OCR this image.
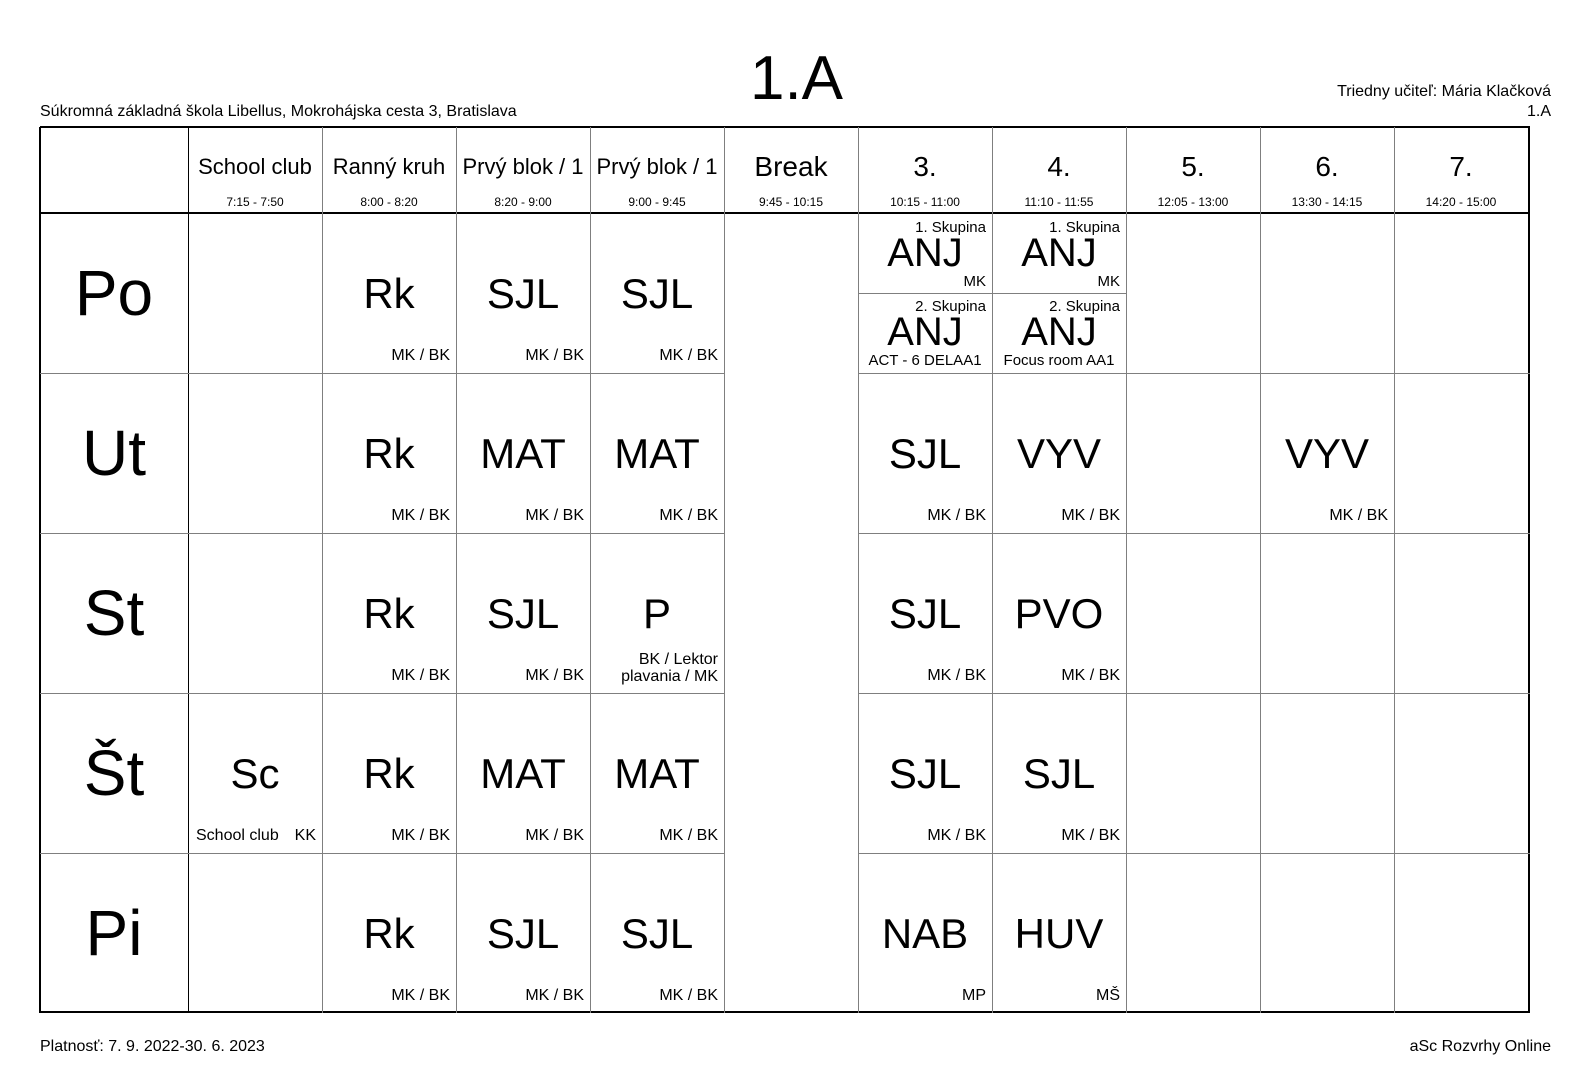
1.A
Súkromná základná škola Libellus, Mokrohájska cesta 3, Bratislava
Triedny učiteľ: Mária Klačková
1.A
School club
7:15 - 7:50
Ranný kruh
8:00 - 8:20
Prvý blok / 1
8:20 - 9:00
Prvý blok / 1
9:00 - 9:45
Break
9:45 - 10:15
3.
10:15 - 11:00
4.
11:10 - 11:55
5.
12:05 - 13:00
6.
13:30 - 14:15
7.
14:20 - 15:00
Po
Ut
St
Št
Pi
Rk
MK / BK
SJL
MK / BK
SJL
MK / BK
1. Skupina
ANJ
MK
2. Skupina
ANJ
ACT - 6 DELAA1
1. Skupina
ANJ
MK
2. Skupina
ANJ
Focus room AA1
Rk
MK / BK
MAT
MK / BK
MAT
MK / BK
SJL
MK / BK
VYV
MK / BK
VYV
MK / BK
Rk
MK / BK
SJL
MK / BK
P
BK / Lektor
plavania / MK
SJL
MK / BK
PVO
MK / BK
Sc
School club KK
Rk
MK / BK
MAT
MK / BK
MAT
MK / BK
SJL
MK / BK
SJL
MK / BK
Rk
MK / BK
SJL
MK / BK
SJL
MK / BK
NAB
MP
HUV
MŠ
Platnosť: 7. 9. 2022-30. 6. 2023	aSc Rozvrhy Online
